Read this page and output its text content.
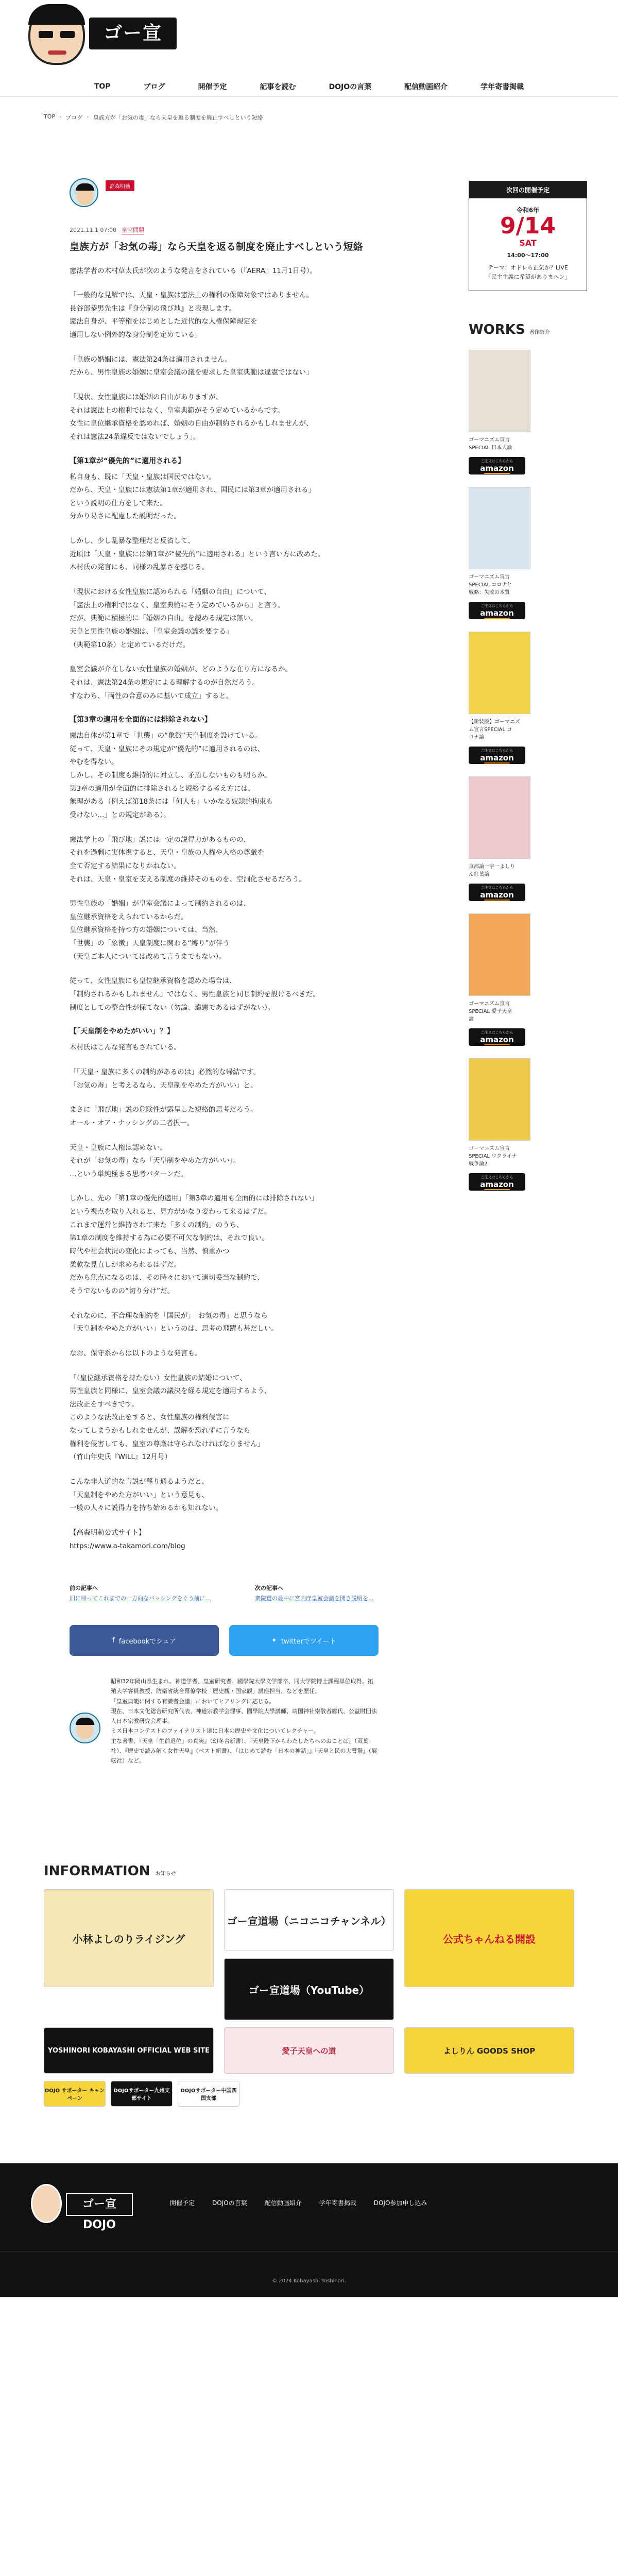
ゴー宣DOJO
TOP	ブログ	開催予定	記事を読む	DOJOの言葉	配信動画紹介	学年寄書掲載
TOP › ブログ › 皇族方が「お気の毒」なら天皇を返る制度を廃止すべしという短絡
高森明勅
2021.11.1 07:00 皇室問題
皇族方が「お気の毒」なら天皇を返る制度を廃止すべしという短絡

憲法学者の木村草太氏が次のような発言をされている（『AERA』11月1日号）。

「一般的な見解では、天皇・皇族は憲法上の権利の保障対象ではありません。
長谷部恭男先生は『身分制の飛び地』と表現します。
憲法自身が、平等権をはじめとした近代的な人権保障規定を
適用しない例外的な身分制を定めている」

「皇族の婚姻には、憲法第24条は適用されません。
だから、男性皇族の婚姻に皇室会議の議を要求した皇室典範は違憲ではない」

「現状、女性皇族には婚姻の自由がありますが、
それは憲法上の権利ではなく、皇室典範がそう定めているからです。
女性に皇位継承資格を認めれば、婚姻の自由が制約されるかもしれませんが、
それは憲法24条違反ではないでしょう」。

【第1章が“優先的”に適用される】

私自身も、既に「天皇・皇族は国民ではない。
だから、天皇・皇族には憲法第1章が適用され、国民には第3章が適用される」
という説明の仕方をして来た。
分かり易さに配慮した説明だった。

しかし、少し乱暴な整理だと反省して、
近頃は「天皇・皇族には第1章が“優先的”に適用される」という言い方に改めた。
木村氏の発言にも、同様の乱暴さを感じる。

「現状における女性皇族に認められる「婚姻の自由」について、
「憲法上の権利ではなく、皇室典範にそう定めているから」と言う。
だが、典範に積極的に「婚姻の自由」を認める規定は無い。
天皇と男性皇族の婚姻は、「皇室会議の議を要する」
（典範第10条）と定めているだけだ。

皇室会議が介在しない女性皇族の婚姻が、どのような在り方になるか。
それは、憲法第24条の規定による理解するのが自然だろう。
すなわち、「両性の合意のみに基いて成立」すると。

【第3章の適用を全面的には排除されない】

憲法自体が第1章で「世襲」の“象徴”天皇制度を設けている。
従って、天皇・皇族にその規定が“優先的”に適用されるのは、
やむを得ない。
しかし、その制度も維持的に対立し、矛盾しないものも明らか。
第3章の適用が全面的に排除されると短絡する考え方には、
無理がある（例えば第18条には「何人も」いかなる奴隷的拘束も
受けない…」との規定がある）。

憲法学上の「飛び地」説には一定の説得力があるものの、
それを過剰に実体視すると、天皇・皇族の人権や人格の尊厳を
全て否定する結果になりかねない。
それは、天皇・皇室を支える制度の維持そのものを、空洞化させるだろう。

男性皇族の「婚姻」が皇室会議によって制約されるのは、
皇位継承資格をえられているからだ。
皇位継承資格を持つ方の婚姻については、当然、
「世襲」の「象徴」天皇制度に関わる“縛り”が伴う
（天皇ご本人については改めて言うまでもない）。

従って、女性皇族にも皇位継承資格を認めた場合は、
「制約されるかもしれません」ではなく、男性皇族と同じ制約を設けるべきだ。
制度としての整合性が保てない（勿論、違憲であるはずがない）。

【「天皇制をやめたがいい」？】

木村氏はこんな発言もされている。

「「天皇・皇族に多くの制約があるのは」必然的な帰結です。
「お気の毒」と考えるなら、天皇制をやめた方がいい」と。

まさに「飛び地」説の危険性が露呈した短絡的思考だろう。
オール・オア・ナッシングの二者択一。

天皇・皇族に人権は認めない。
それが「お気の毒」なら「天皇制をやめた方がいい」。
…という単純極まる思考パターンだ。

しかし、先の「第1章の優先的適用」「第3章の適用も全面的には排除されない」
という視点を取り入れると、見方がかなり変わって来るはずだ。
これまで運営と維持されて来た「多くの制約」のうち、
第1章の制度を維持する為に必要不可欠な制約は、それで良い。
時代や社会状況の変化によっても、当然、慎重かつ
柔軟な見直しが求められるはずだ。
だから焦点になるのは、その時々において適切妥当な制約で、
そうでないものの“切り分け”だ。

それなのに、不合理な制約を「国民が」「お気の毒」と思うなら
「天皇制をやめた方がいい」というのは、思考の飛躍も甚だしい。

なお、保守系からは以下のような発言も。

「（皇位継承資格を持たない）女性皇族の結婚について、
男性皇族と同様に、皇室会議の議決を経る規定を適用するよう、
法改正をすべきです。
このような法改正をすると、女性皇族の権利侵害に
なってしまうかもしれませんが、誤解を恐れずに言うなら
権利を侵害しても、皇室の尊厳は守られなければなりません」
（竹山年史氏『WILL』12月号）

こんな非人道的な言説が罷り通るようだと、
「天皇制をやめた方がいい」という意見も、
一般の人々に説得力を持ち始めるかも知れない。

【高森明勅公式サイト】
https://www.a-takamori.com/blog

前の記事へ
旧に帰ってこれまでの一方向なバッシングをぐう前に...
次の記事へ
衆院選の最中に宮内庁皇室会議を開き説明を...
f facebookでシェア	✦ twitterでツイート

昭和32年岡山県生まれ。神道学者、皇室研究者。國學院大學文学部卒、同大学院博士課程単位取得。拓殖大学客員教授、防衛省統合幕僚学校「歴史観・国家観」講座担当、などを歴任。
「皇室典範に関する有識者会議」においてヒアリングに応じる。
現在、日本文化総合研究所代表、神道宗教学会理事、國學院大學講師、靖国神社崇敬者総代、公益財団法人日本宗教研究会理事。
ミス日本コンテストのファイナリスト達に日本の歴史や文化についてレクチャー。
主な著書、『天皇「生前退位」の真実』（幻冬舎新書）、『天皇陛下からわたしたちへのおことば』（双葉社）、『歴史で読み解く女性天皇』（ベスト新書）、『はじめて読む「日本の神話」』『天皇と民の大嘗祭』（展転社）など。

次回の開催予定
令和6年
9/14
SAT
14:00〜17:00
テーマ：オドレら正気か？LIVE
「民主主義に希望がありまヘン」
WORKS 著作紹介
ゴーマニズム宣言
SPECIAL 日本人論
ご注文はこちらから
amazon
ゴーマニズム宣言
SPECIAL コロナと
戦略：失敗の本質
ご注文はこちらから
amazon
【新装版】ゴーマニズ
ム宣言SPECIAL コ
ロナ論
ご注文はこちらから
amazon
京都論一宇一よしり
ん紅葉論
ご注文はこちらから
amazon
ゴーマニズム宣言
SPECIAL 愛子天皇
論
ご注文はこちらから
amazon
ゴーマニズム宣言
SPECIAL ウクライナ
戦争論2
ご注文はこちらから
amazon
INFORMATION お知らせ
小林よしのりライジング
ゴー宣道場（ニコニコチャンネル）
公式ちゃんねる開設
ゴー宣道場（YouTube）
YOSHINORI KOBAYASHI OFFICIAL WEB SITE	愛子天皇への道	よしりん GOODS SHOP
DOJO サポーター キャンペーン
DOJOサポーター九州支部サイト
DOJOサポーター中国四国支部
ゴー宣DOJO
開催予定	DOJOの言葉	配信動画紹介	学年寄書掲載	DOJO参加申し込み
© 2024 Kobayashi Yoshinori.
